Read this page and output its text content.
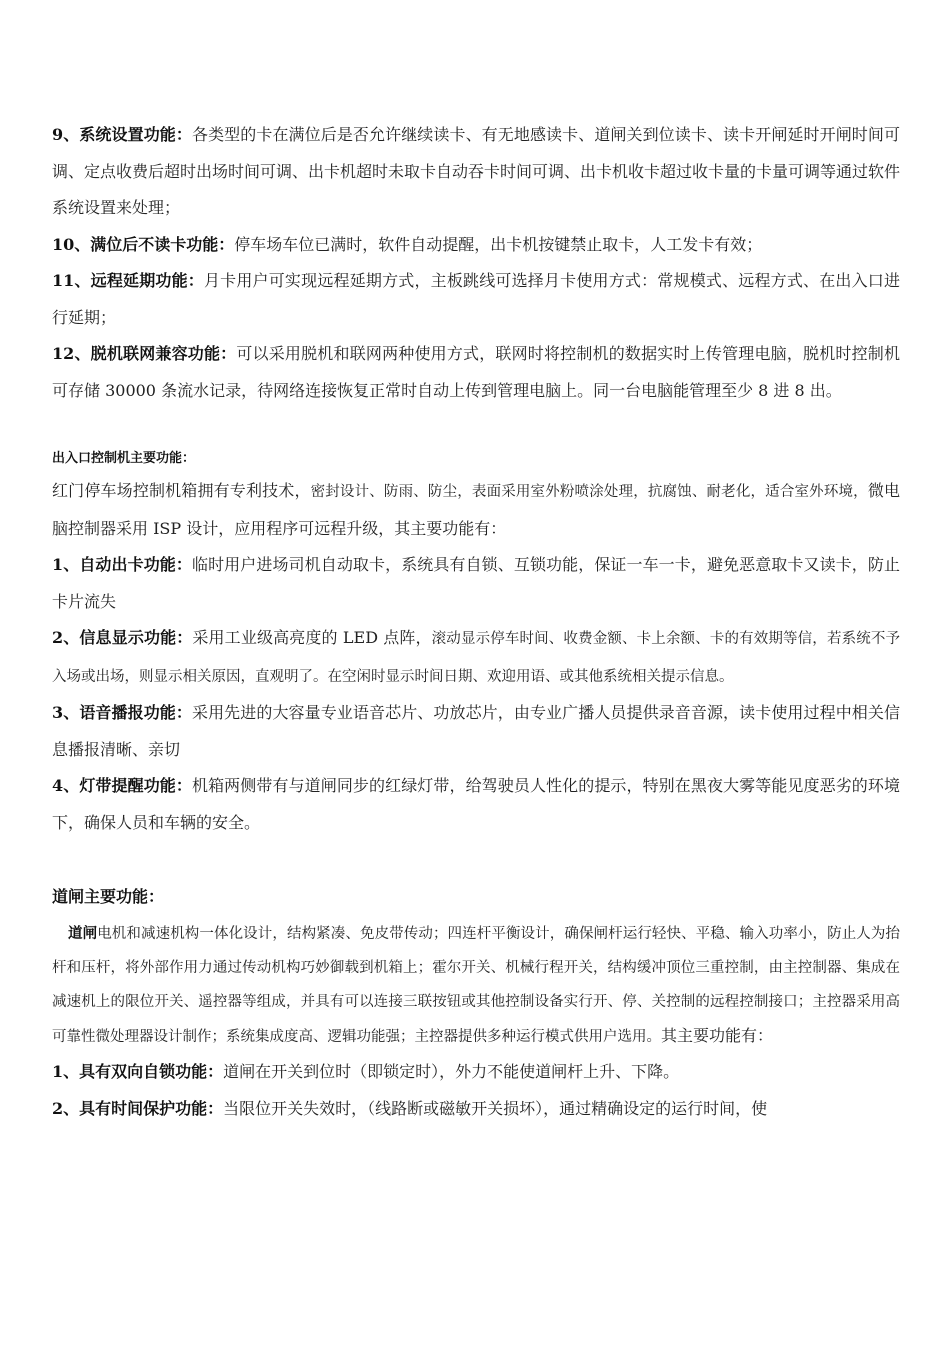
9、系统设置功能：各类型的卡在满位后是否允许继续读卡、有无地感读卡、道闸关到位读卡、读卡开闸延时开闸时间可调、定点收费后超时出场时间可调、出卡机超时未取卡自动吞卡时间可调、出卡机收卡超过收卡量的卡量可调等通过软件系统设置来处理；

10、满位后不读卡功能：停车场车位已满时，软件自动提醒，出卡机按键禁止取卡，人工发卡有效；

11、远程延期功能：月卡用户可实现远程延期方式，主板跳线可选择月卡使用方式：常规模式、远程方式、在出入口进行延期；

12、脱机联网兼容功能：可以采用脱机和联网两种使用方式，联网时将控制机的数据实时上传管理电脑，脱机时控制机可存储 30000 条流水记录，待网络连接恢复正常时自动上传到管理电脑上。同一台电脑能管理至少 8 进 8 出。

出入口控制机主要功能：

红门停车场控制机箱拥有专利技术，密封设计、防雨、防尘，表面采用室外粉喷涂处理，抗腐蚀、耐老化，适合室外环境，微电脑控制器采用 ISP 设计，应用程序可远程升级，其主要功能有：

1、自动出卡功能：临时用户进场司机自动取卡，系统具有自锁、互锁功能，保证一车一卡，避免恶意取卡又读卡，防止卡片流失

2、信息显示功能：采用工业级高亮度的 LED 点阵，滚动显示停车时间、收费金额、卡上余额、卡的有效期等信，若系统不予入场或出场，则显示相关原因，直观明了。在空闲时显示时间日期、欢迎用语、或其他系统相关提示信息。

3、语音播报功能：采用先进的大容量专业语音芯片、功放芯片，由专业广播人员提供录音音源，读卡使用过程中相关信息播报清晰、亲切

4、灯带提醒功能：机箱两侧带有与道闸同步的红绿灯带，给驾驶员人性化的提示，特别在黑夜大雾等能见度恶劣的环境下，确保人员和车辆的安全。

道闸主要功能：

道闸电机和减速机构一体化设计，结构紧凑、免皮带传动；四连杆平衡设计，确保闸杆运行轻快、平稳、输入功率小，防止人为抬杆和压杆，将外部作用力通过传动机构巧妙御载到机箱上；霍尔开关、机械行程开关，结构缓冲顶位三重控制，由主控制器、集成在减速机上的限位开关、遥控器等组成，并具有可以连接三联按钮或其他控制设备实行开、停、关控制的远程控制接口；主控器采用高可靠性微处理器设计制作；系统集成度高、逻辑功能强；主控器提供多种运行模式供用户选用。其主要功能有：

1、具有双向自锁功能：道闸在开关到位时（即锁定时），外力不能使道闸杆上升、下降。

2、具有时间保护功能：当限位开关失效时，（线路断或磁敏开关损坏），通过精确设定的运行时间，使
